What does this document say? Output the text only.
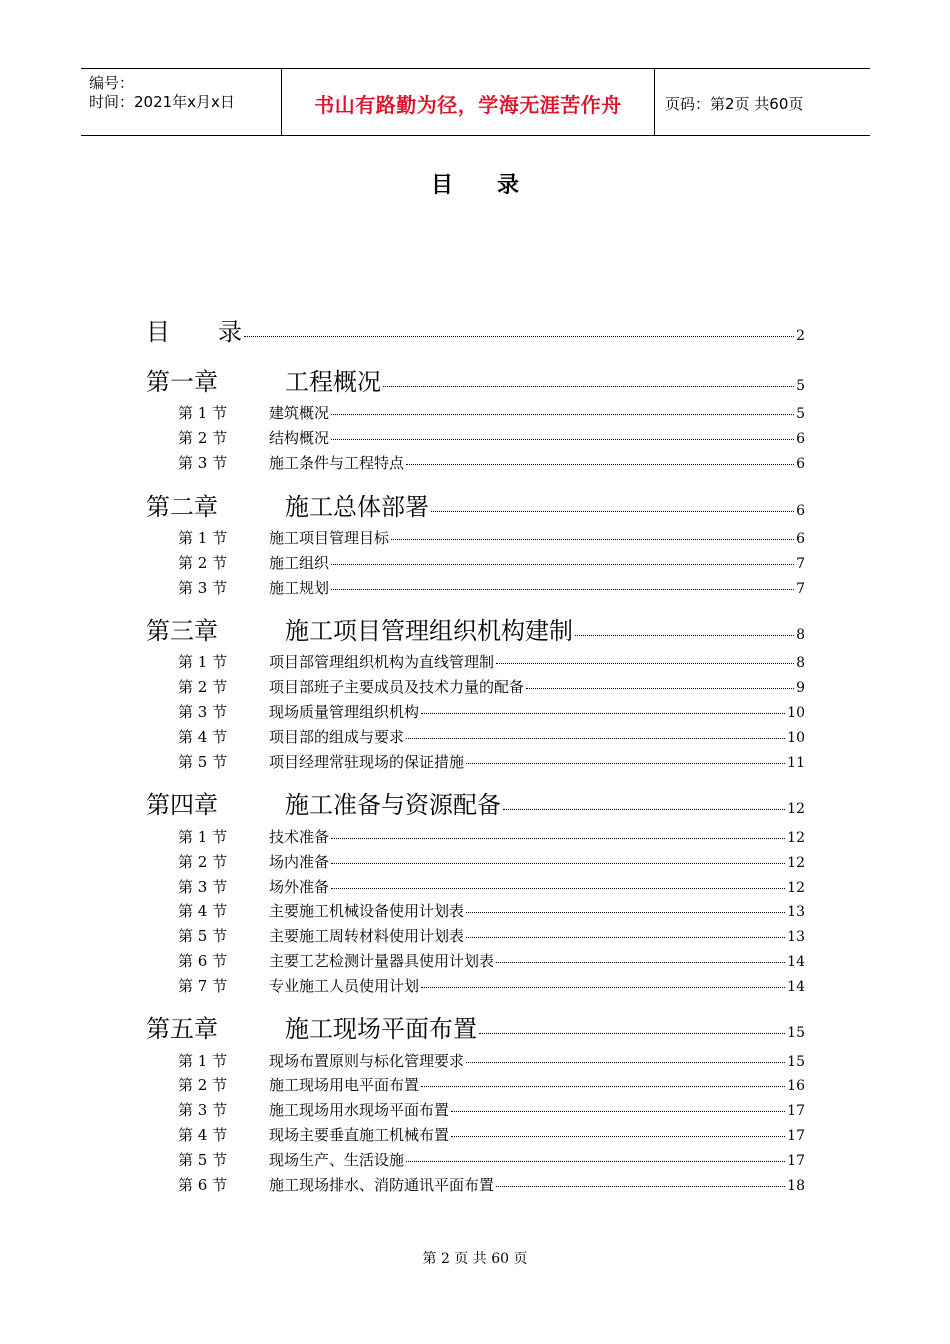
编号：
时间：2021年x月x日	书山有路勤为径，学海无涯苦作舟	页码：第2页 共60页
目　　录
目　　录	2
第一章	工程概况	5
第 1 节	建筑概况	5
第 2 节	结构概况	6
第 3 节	施工条件与工程特点	6
第二章	施工总体部署	6
第 1 节	施工项目管理目标	6
第 2 节	施工组织	7
第 3 节	施工规划	7
第三章	施工项目管理组织机构建制	8
第 1 节	项目部管理组织机构为直线管理制	8
第 2 节	项目部班子主要成员及技术力量的配备	9
第 3 节	现场质量管理组织机构	10
第 4 节	项目部的组成与要求	10
第 5 节	项目经理常驻现场的保证措施	11
第四章	施工准备与资源配备	12
第 1 节	技术准备	12
第 2 节	场内准备	12
第 3 节	场外准备	12
第 4 节	主要施工机械设备使用计划表	13
第 5 节	主要施工周转材料使用计划表	13
第 6 节	主要工艺检测计量器具使用计划表	14
第 7 节	专业施工人员使用计划	14
第五章	施工现场平面布置	15
第 1 节	现场布置原则与标化管理要求	15
第 2 节	施工现场用电平面布置	16
第 3 节	施工现场用水现场平面布置	17
第 4 节	现场主要垂直施工机械布置	17
第 5 节	现场生产、生活设施	17
第 6 节	施工现场排水、消防通讯平面布置	18
第 2 页 共 60 页
